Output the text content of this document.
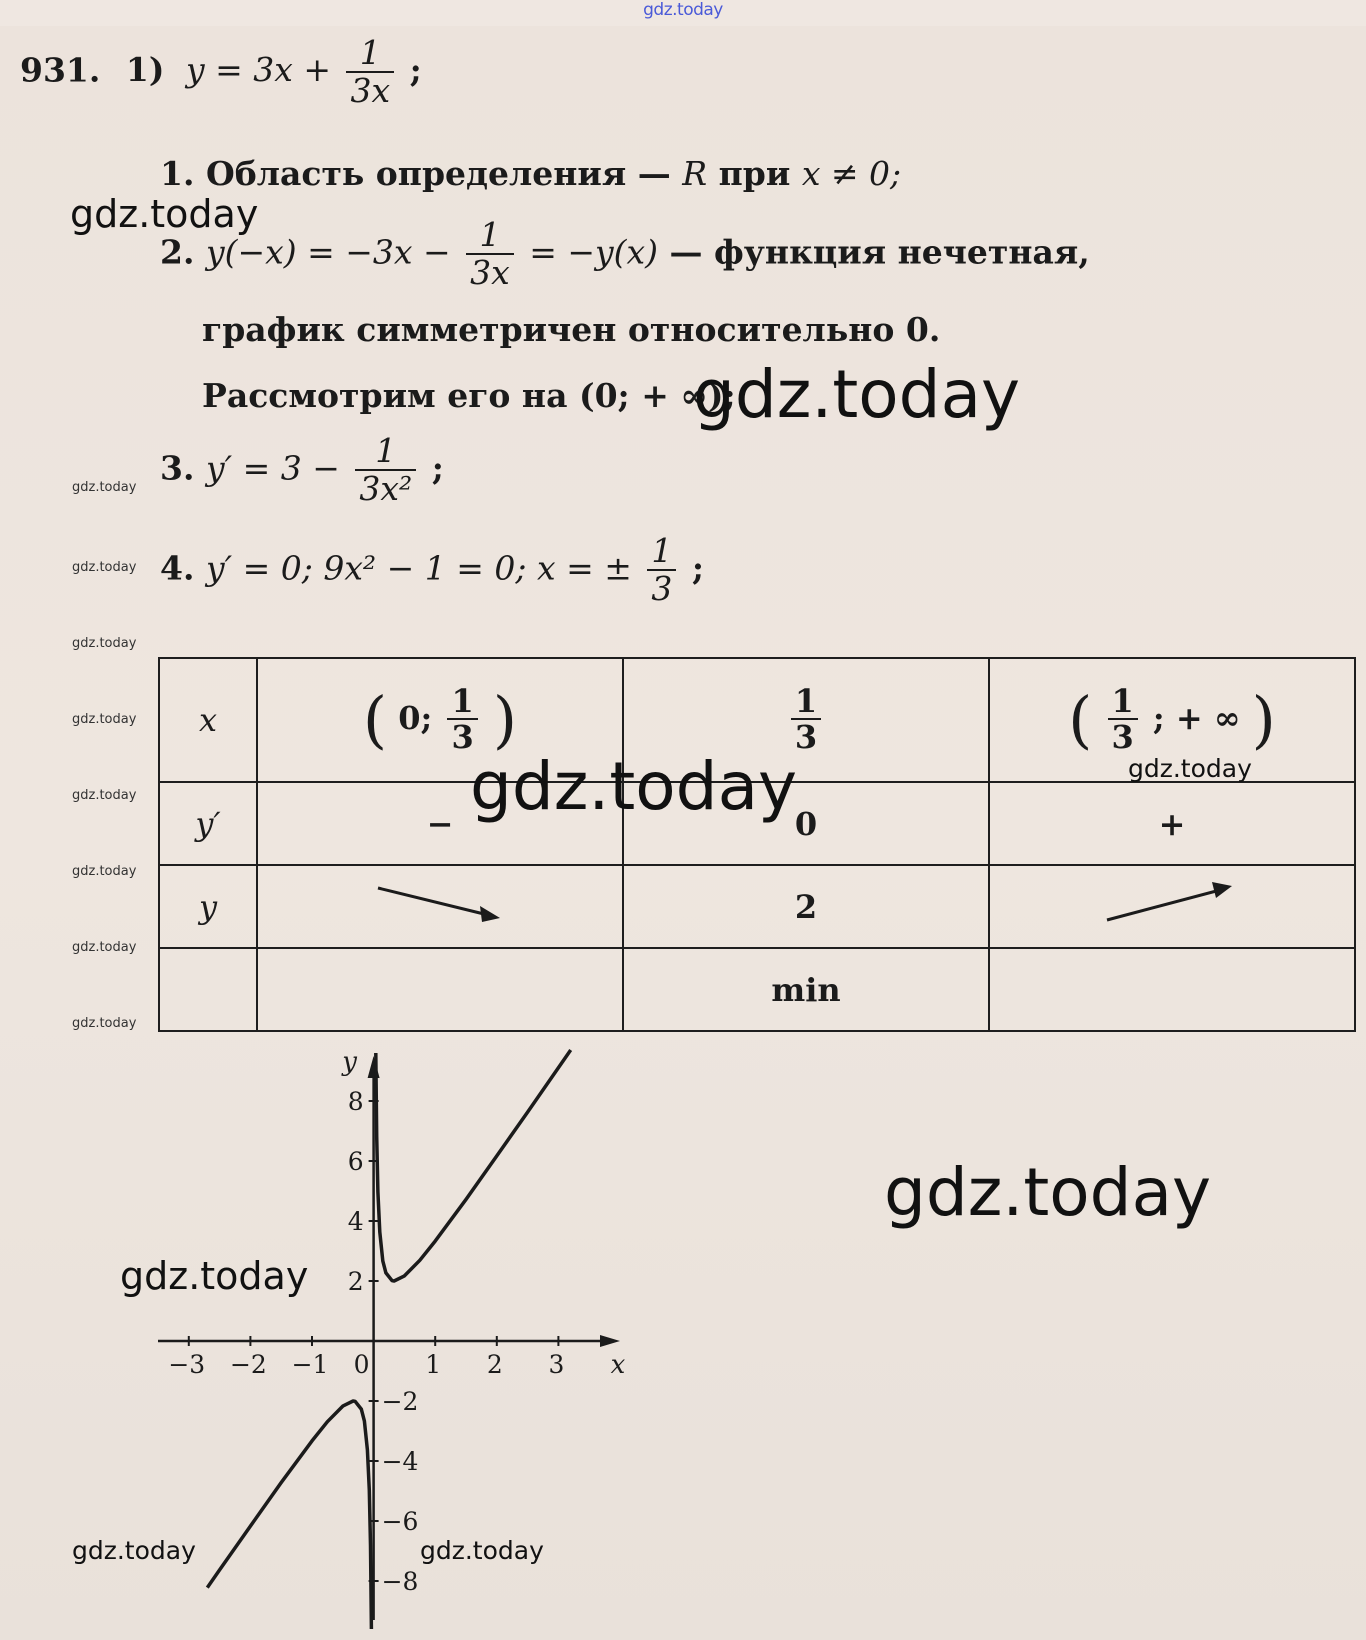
gdz.today
931. 1) $y = 3x + \frac{1}{3x}$ ;
1. Область определения — R при x ≠ 0;
2. $y(-x) = -3x - \frac{1}{3x} = -y(x)$ — функция нечетная,
график симметричен относительно 0.
Рассмотрим его на (0; + ∞);
3. $y' = 3 - \frac{1}{\text{3x²}}$ ;
4. y′ = 0; 9x² − 1 = 0; x = ± $\frac{1}{3}$ ;
x	( 0; $\frac{1}{3}$ )	$\frac{1}{3}$	( $\frac{1}{3}$ ; + ∞ )
y′	−	0	+
y		2	
		min	
x
y
−3 −2 −1 0 1 2 3
8
6
4
2
−2
−4
−6
−8
gdz.today
gdz.today
gdz.today
gdz.today
gdz.today
gdz.today
gdz.today
gdz.today
gdz.today
gdz.today
gdz.today	gdz.today
gdz.today
gdz.today
gdz.today	gdz.today
